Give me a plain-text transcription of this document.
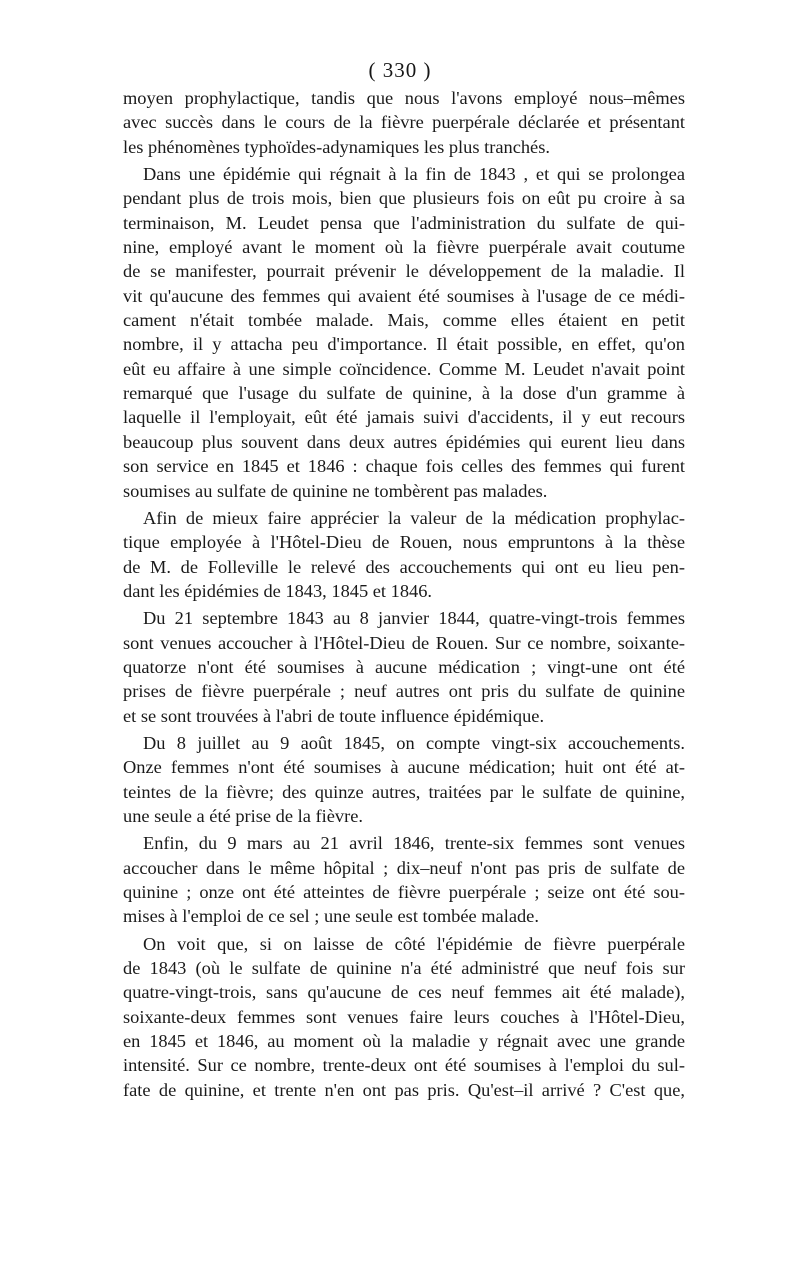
( 330 )

moyen prophylactique, tandis que nous l'avons employé nous–mêmes
avec succès dans le cours de la fièvre puerpérale déclarée et présentant
les phénomènes typhoïdes-adynamiques les plus tranchés.

Dans une épidémie qui régnait à la fin de 1843 , et qui se prolongea
pendant plus de trois mois, bien que plusieurs fois on eût pu croire à sa
terminaison, M. Leudet pensa que l'administration du sulfate de qui-
nine, employé avant le moment où la fièvre puerpérale avait coutume
de se manifester, pourrait prévenir le développement de la maladie. Il
vit qu'aucune des femmes qui avaient été soumises à l'usage de ce médi-
cament n'était tombée malade. Mais, comme elles étaient en petit
nombre, il y attacha peu d'importance. Il était possible, en effet, qu'on
eût eu affaire à une simple coïncidence. Comme M. Leudet n'avait point
remarqué que l'usage du sulfate de quinine, à la dose d'un gramme à
laquelle il l'employait, eût été jamais suivi d'accidents, il y eut recours
beaucoup plus souvent dans deux autres épidémies qui eurent lieu dans
son service en 1845 et 1846 : chaque fois celles des femmes qui furent
soumises au sulfate de quinine ne tombèrent pas malades.

Afin de mieux faire apprécier la valeur de la médication prophylac-
tique employée à l'Hôtel-Dieu de Rouen, nous empruntons à la thèse
de M. de Folleville le relevé des accouchements qui ont eu lieu pen-
dant les épidémies de 1843, 1845 et 1846.

Du 21 septembre 1843 au 8 janvier 1844, quatre-vingt-trois femmes
sont venues accoucher à l'Hôtel-Dieu de Rouen. Sur ce nombre, soixante-
quatorze n'ont été soumises à aucune médication ; vingt-une ont été
prises de fièvre puerpérale ; neuf autres ont pris du sulfate de quinine
et se sont trouvées à l'abri de toute influence épidémique.

Du 8 juillet au 9 août 1845, on compte vingt-six accouchements.
Onze femmes n'ont été soumises à aucune médication; huit ont été at-
teintes de la fièvre; des quinze autres, traitées par le sulfate de quinine,
une seule a été prise de la fièvre.

Enfin, du 9 mars au 21 avril 1846, trente-six femmes sont venues
accoucher dans le même hôpital ; dix–neuf n'ont pas pris de sulfate de
quinine ; onze ont été atteintes de fièvre puerpérale ; seize ont été sou-
mises à l'emploi de ce sel ; une seule est tombée malade.

On voit que, si on laisse de côté l'épidémie de fièvre puerpérale
de 1843 (où le sulfate de quinine n'a été administré que neuf fois sur
quatre-vingt-trois, sans qu'aucune de ces neuf femmes ait été malade),
soixante-deux femmes sont venues faire leurs couches à l'Hôtel-Dieu,
en 1845 et 1846, au moment où la maladie y régnait avec une grande
intensité. Sur ce nombre, trente-deux ont été soumises à l'emploi du sul-
fate de quinine, et trente n'en ont pas pris. Qu'est–il arrivé ? C'est que,
